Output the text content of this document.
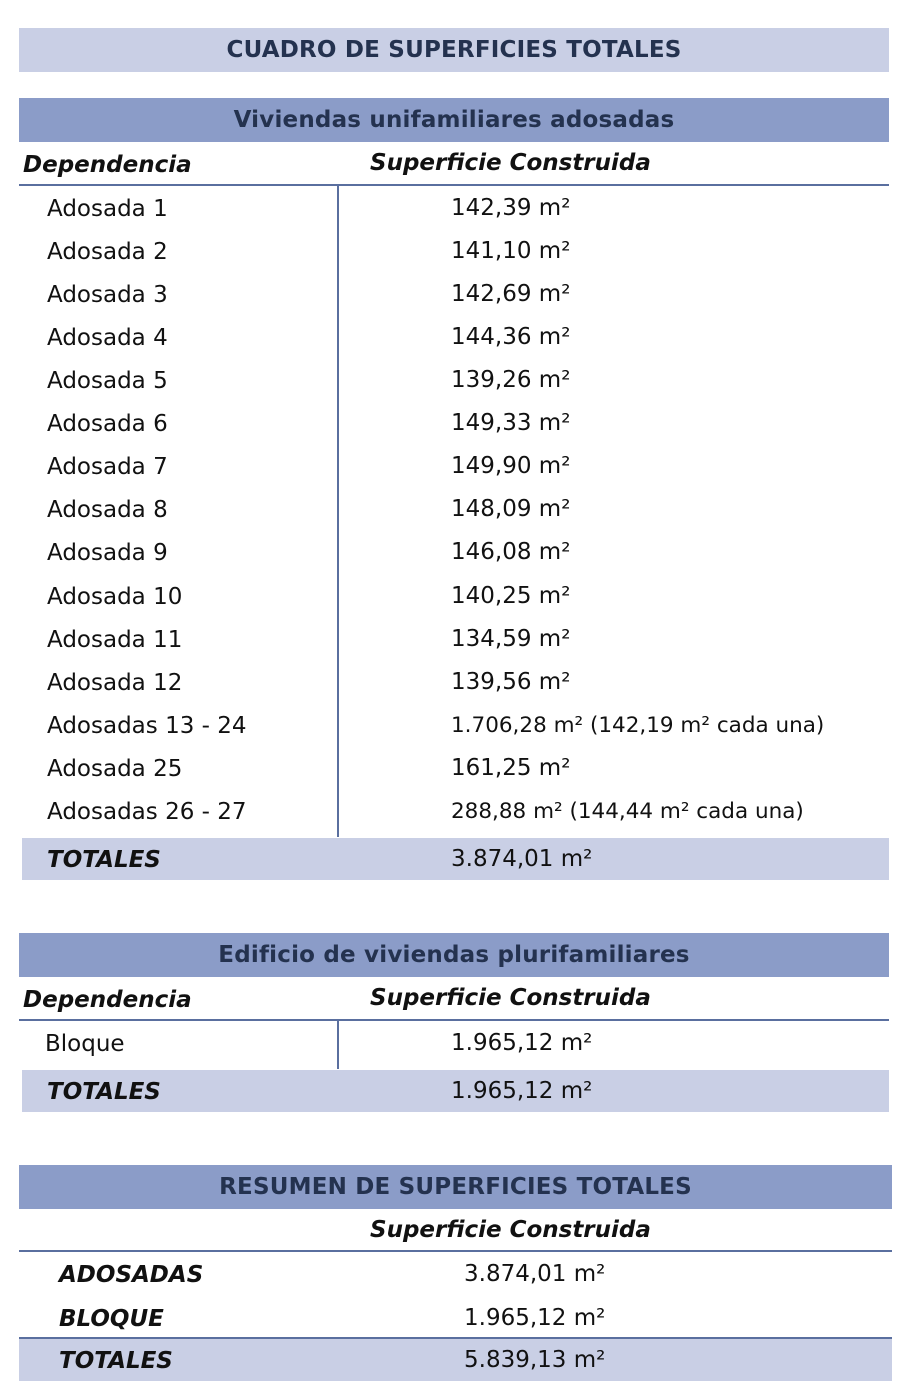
CUADRO DE SUPERFICIES TOTALES
Viviendas unifamiliares adosadas
Dependencia	Superficie Construida
Adosada 1	142,39 m²
Adosada 2	141,10 m²
Adosada 3	142,69 m²
Adosada 4	144,36 m²
Adosada 5	139,26 m²
Adosada 6	149,33 m²
Adosada 7	149,90 m²
Adosada 8	148,09 m²
Adosada 9	146,08 m²
Adosada 10	140,25 m²
Adosada 11	134,59 m²
Adosada 12	139,56 m²
Adosadas 13 - 24	1.706,28 m² (142,19 m² cada una)
Adosada 25	161,25 m²
Adosadas 26 - 27	288,88 m² (144,44 m² cada una)
TOTALES	3.874,01 m²
Edificio de viviendas plurifamiliares
Dependencia	Superficie Construida
Bloque	1.965,12 m²
TOTALES	1.965,12 m²
RESUMEN DE SUPERFICIES TOTALES
Superficie Construida
ADOSADAS	3.874,01 m²
BLOQUE	1.965,12 m²
TOTALES	5.839,13 m²
